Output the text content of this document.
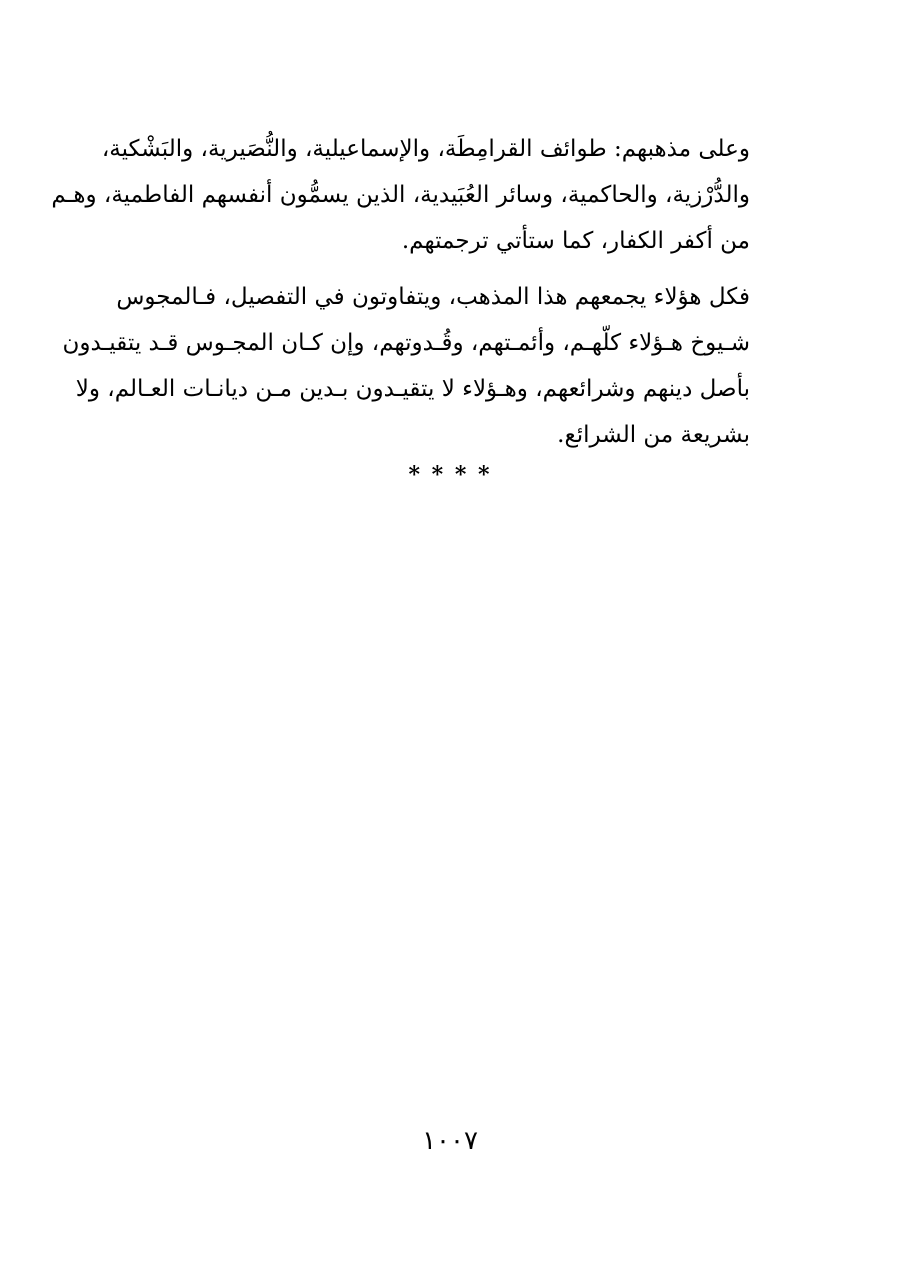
وعلى مذهبهم: طوائف القرامِطَة، والإسماعيلية، والنُّصَيرية، والبَشْكية،
والدُّرْزية، والحاكمية، وسائر العُبَيدية، الذين يسمُّون أنفسهم الفاطمية، وهـم
من أكفر الكفار، كما ستأتي ترجمتهم.

فكل هؤلاء يجمعهم هذا المذهب، ويتفاوتون في التفصيل، فـالمجوس
شـيوخ هـؤلاء كلّهـم، وأئمـتهم، وقُـدوتهم، وإن كـان المجـوس قـد يتقيـدون
بأصل دينهم وشرائعهم، وهـؤلاء لا يتقيـدون بـدين مـن ديانـات العـالم، ولا
بشريعة من الشرائع.

* * * *
١٠٠٧
